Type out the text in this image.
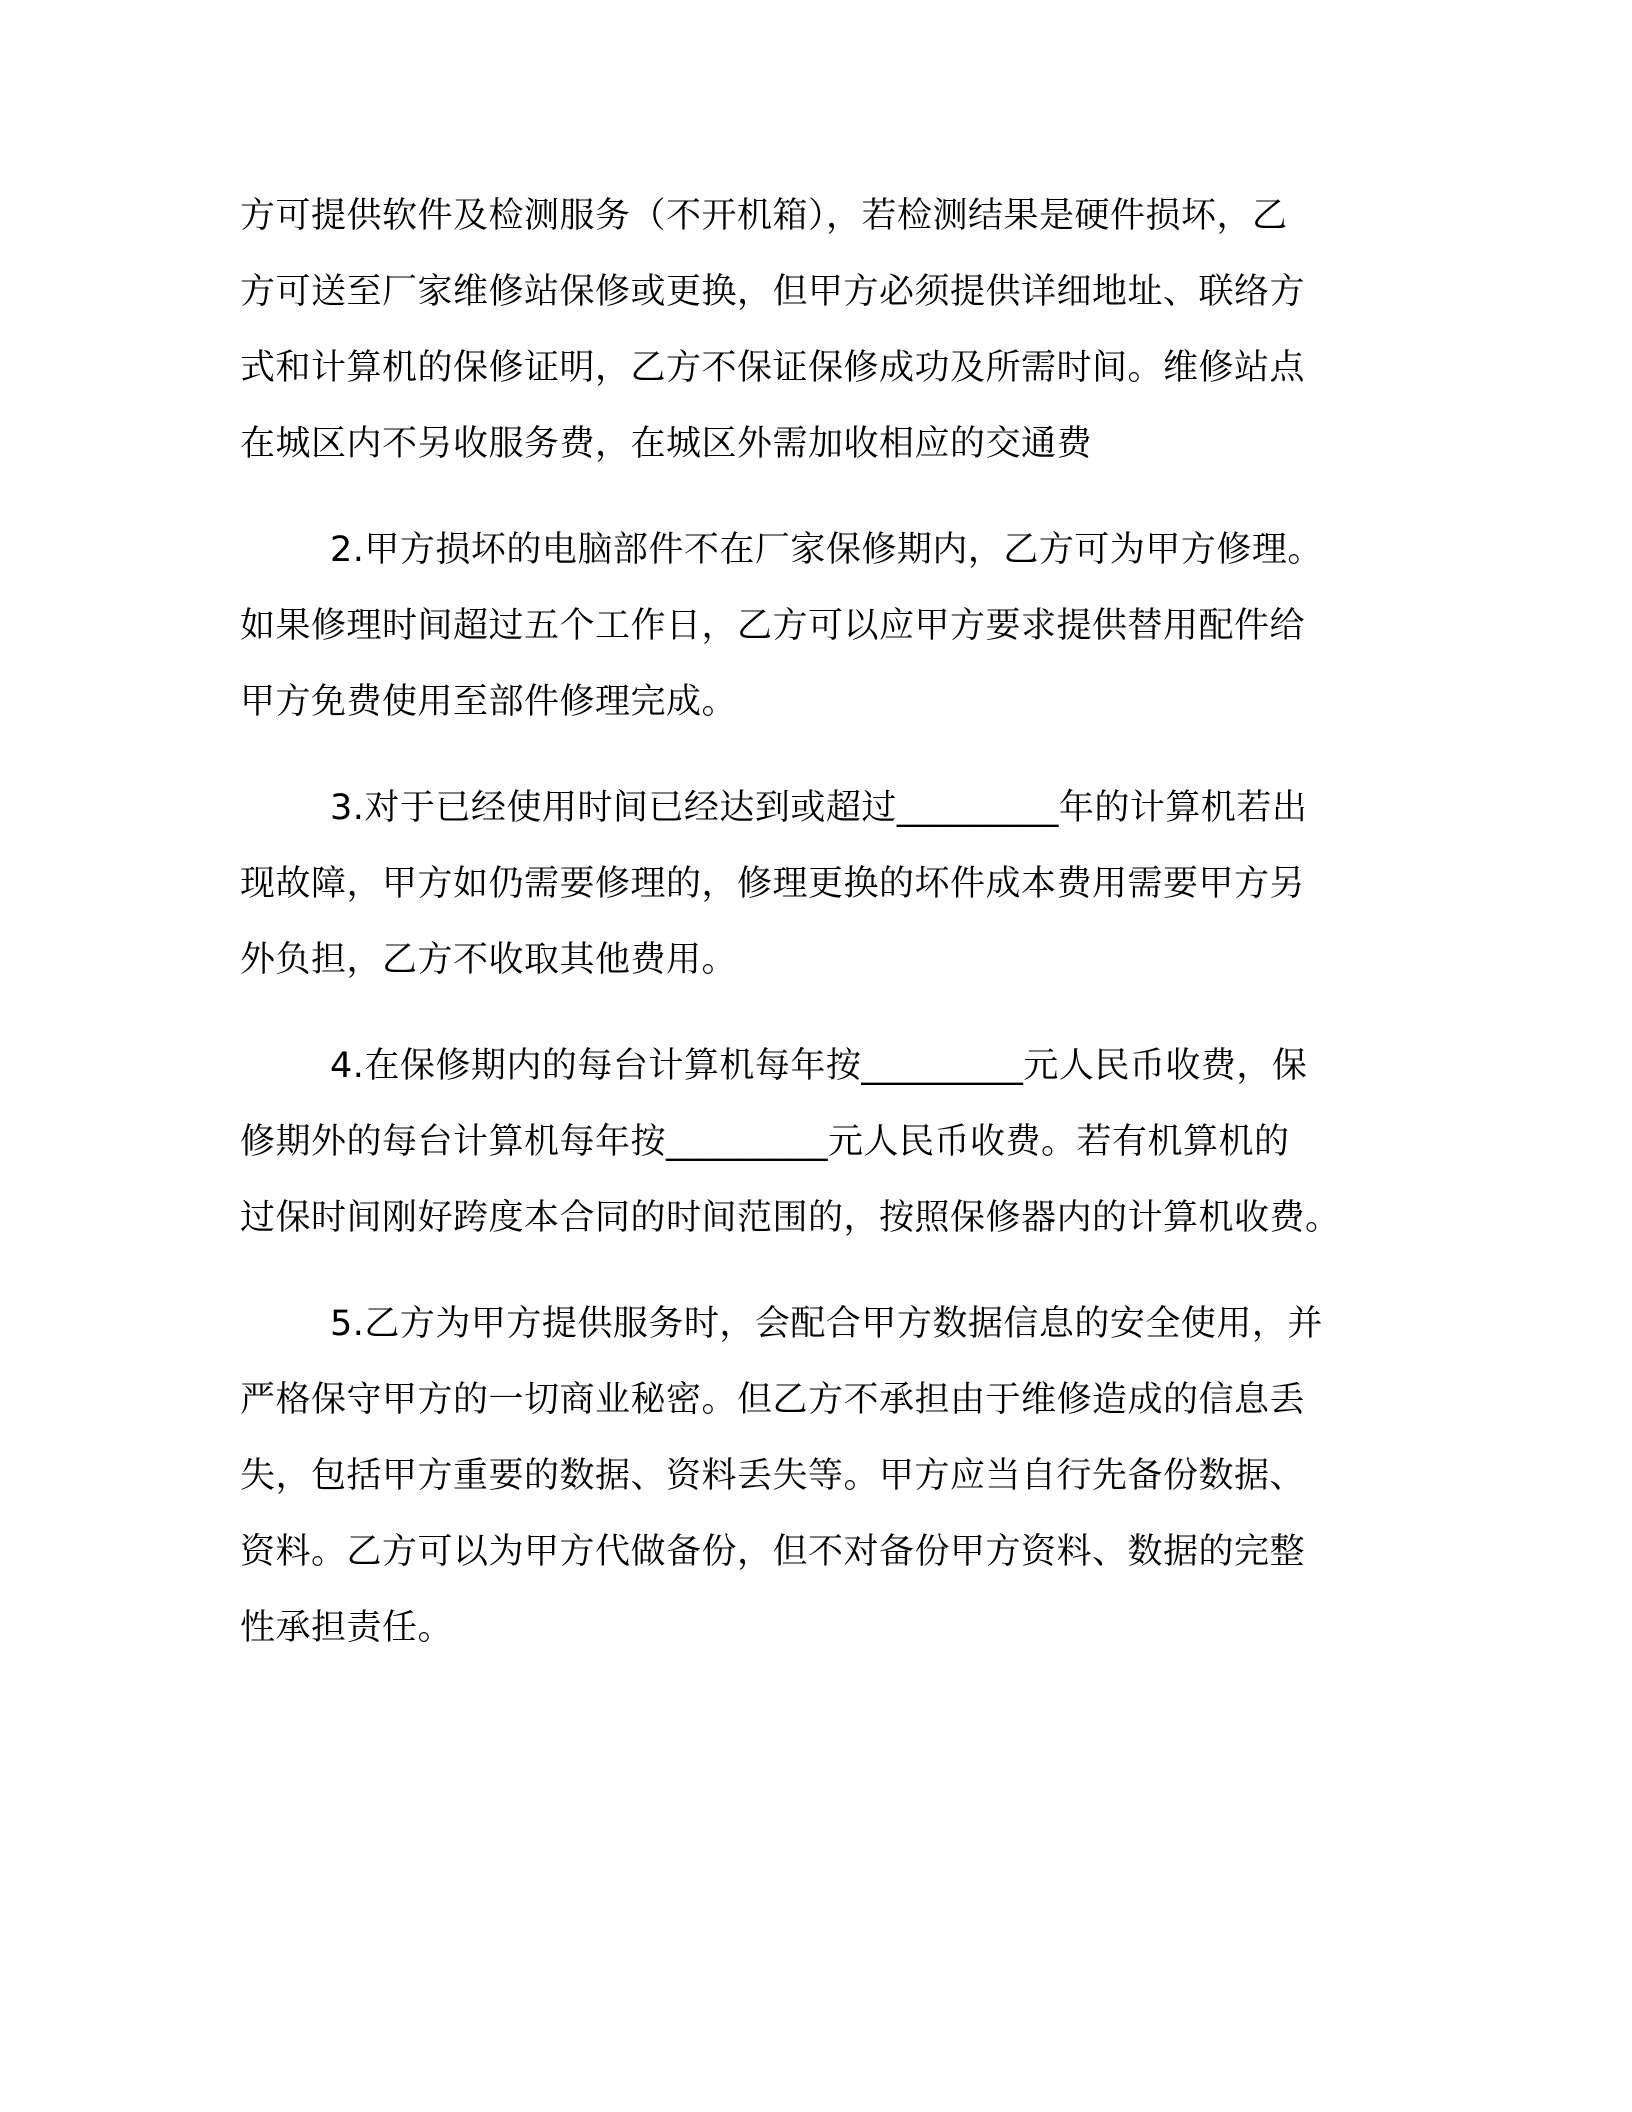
方可提供软件及检测服务（不开机箱），若检测结果是硬件损坏，乙
方可送至厂家维修站保修或更换，但甲方必须提供详细地址、联络方
式和计算机的保修证明，乙方不保证保修成功及所需时间。维修站点
在城区内不另收服务费，在城区外需加收相应的交通费
2.甲方损坏的电脑部件不在厂家保修期内，乙方可为甲方修理。
如果修理时间超过五个工作日，乙方可以应甲方要求提供替用配件给
甲方免费使用至部件修理完成。
3.对于已经使用时间已经达到或超过_________年的计算机若出
现故障，甲方如仍需要修理的，修理更换的坏件成本费用需要甲方另
外负担，乙方不收取其他费用。
4.在保修期内的每台计算机每年按_________元人民币收费，保
修期外的每台计算机每年按_________元人民币收费。若有机算机的
过保时间刚好跨度本合同的时间范围的，按照保修器内的计算机收费。
5.乙方为甲方提供服务时，会配合甲方数据信息的安全使用，并
严格保守甲方的一切商业秘密。但乙方不承担由于维修造成的信息丢
失，包括甲方重要的数据、资料丢失等。甲方应当自行先备份数据、
资料。乙方可以为甲方代做备份，但不对备份甲方资料、数据的完整
性承担责任。
